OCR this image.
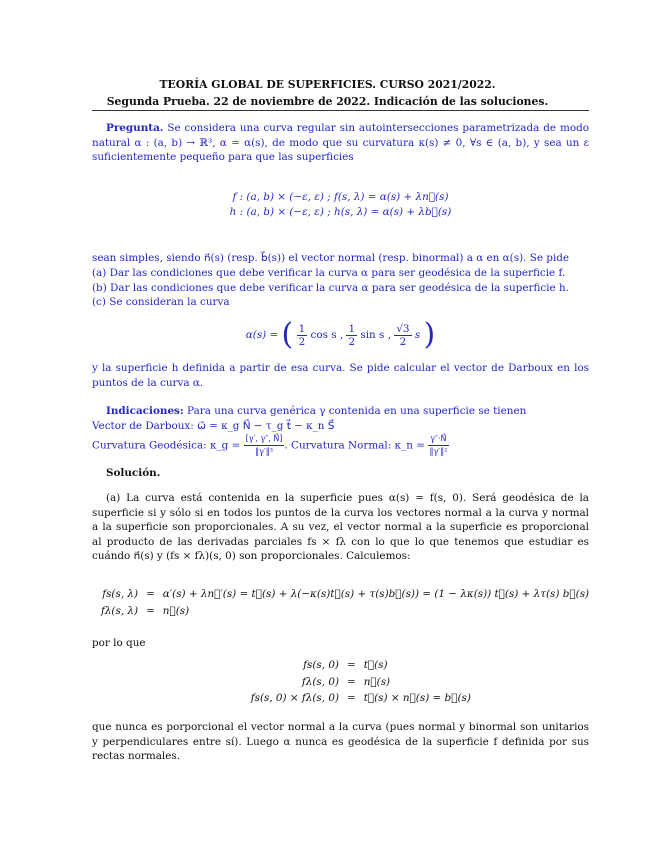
TEORÍA GLOBAL DE SUPERFICIES. CURSO 2021/2022.
Segunda Prueba. 22 de noviembre de 2022. Indicación de las soluciones.
Pregunta. Se considera una curva regular sin autointersecciones parametrizada de modo natural α : (a, b) → ℝ³, α = α(s), de modo que su curvatura κ(s) ≠ 0, ∀s ∈ (a, b), y sea un ε suficientemente pequeño para que las superficies
f : (a, b) × (−ε, ε) ; f(s, λ) = α(s) + λn⃗(s)
h : (a, b) × (−ε, ε) ; h(s, λ) = α(s) + λb⃗(s)
sean simples, siendo n⃗(s) (resp. b⃗(s)) el vector normal (resp. binormal) a α en α(s). Se pide
(a) Dar las condiciones que debe verificar la curva α para ser geodésica de la superficie f.
(b) Dar las condiciones que debe verificar la curva α para ser geodésica de la superficie h.
(c) Se consideran la curva
α(s) = ( $\frac{1}{2}$ cos s , $\frac{1}{2}$ sin s , $\frac{√3}{2}$ s )
y la superficie h definida a partir de esa curva. Se pide calcular el vector de Darboux en los puntos de la curva α.
Indicaciones: Para una curva genérica γ contenida en una superficie se tienen
Vector de Darboux: ω⃗ = κ_g N⃗ − τ_g t⃗ − κ_n S⃗
Curvatura Geodésica: κ_g = $\frac{[\gamma', \gamma'', N⃗]}{\text{‖γ′‖³}}$ . Curvatura Normal: κ_n = $\frac{\gamma''\cdot N⃗}{\text{‖γ′‖²}}$
Solución.
(a) La curva está contenida en la superficie pues α(s) = f(s, 0). Será geodésica de la superficie si y sólo si en todos los puntos de la curva los vectores normal a la curva y normal a la superficie son proporcionales. A su vez, el vector normal a la superficie es proporcional al producto de las derivadas parciales fs × fλ con lo que lo que tenemos que estudiar es cuándo n⃗(s) y (fs × fλ)(s, 0) son proporcionales. Calculemos:
fs(s, λ)	=	α′(s) + λn⃗′(s) = t⃗(s) + λ(−κ(s)t⃗(s) + τ(s)b⃗(s)) = (1 − λκ(s)) t⃗(s) + λτ(s) b⃗(s)
fλ(s, λ)	=	n⃗(s)
por lo que
fs(s, 0)	=	t⃗(s)
fλ(s, 0)	=	n⃗(s)
fs(s, 0) × fλ(s, 0)	=	t⃗(s) × n⃗(s) = b⃗(s)
que nunca es porporcional el vector normal a la curva (pues normal y binormal son unitarios y perpendiculares entre sí). Luego α nunca es geodésica de la superficie f definida por sus rectas normales.
